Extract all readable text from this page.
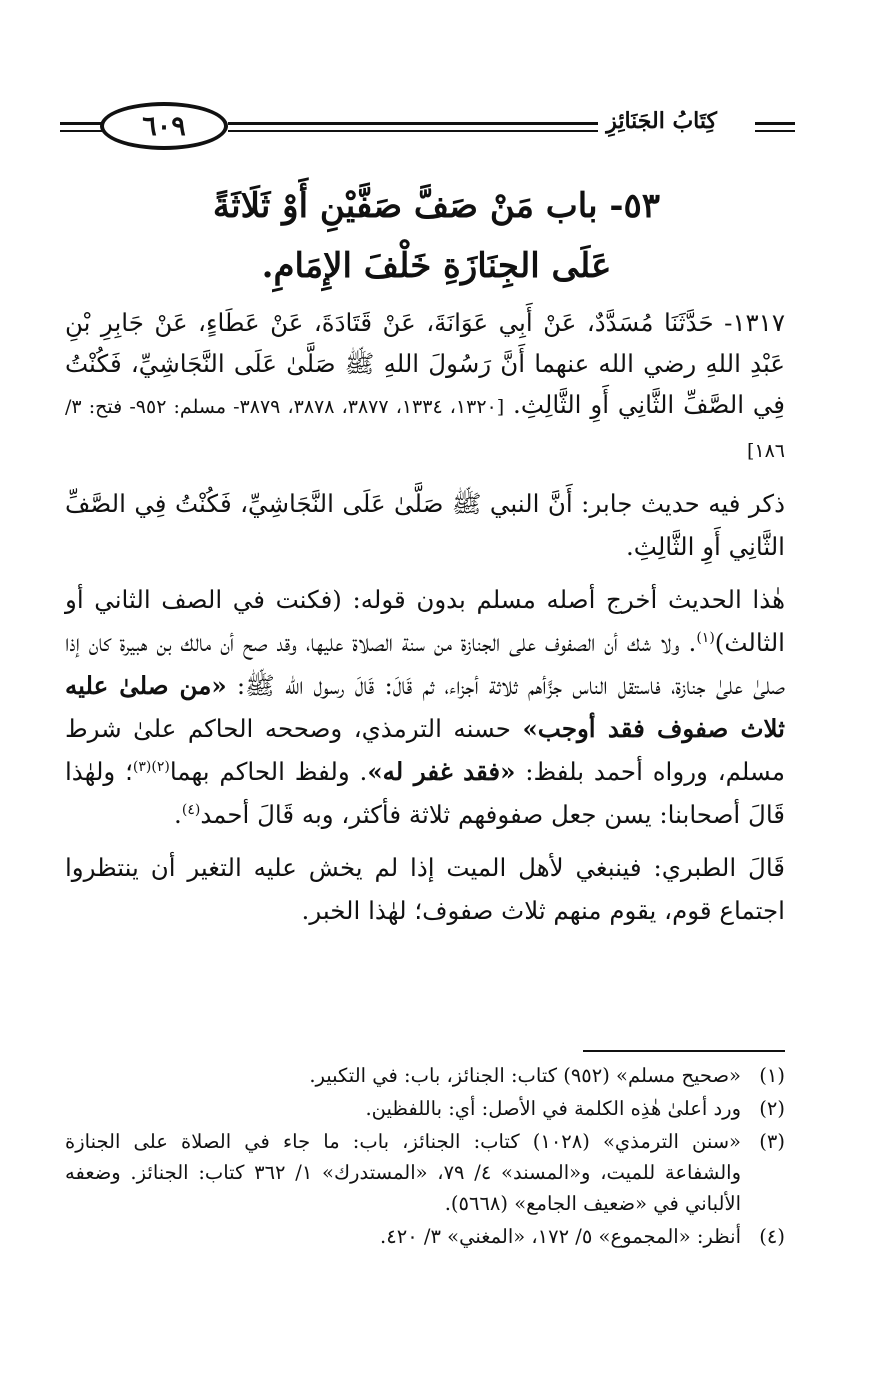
كِتَابُ الجَنَائِزِ
٦٠٩
٥٣- باب مَنْ صَفَّ صَفَّيْنِ أَوْ ثَلَاثَةً
عَلَى الجِنَازَةِ خَلْفَ الإِمَامِ.

١٣١٧- حَدَّثَنَا مُسَدَّدٌ، عَنْ أَبِي عَوَانَةَ، عَنْ قَتَادَةَ، عَنْ عَطَاءٍ، عَنْ جَابِرِ بْنِ عَبْدِ اللهِ رضي الله عنهما أَنَّ رَسُولَ اللهِ ﷺ صَلَّىٰ عَلَى النَّجَاشِيِّ، فَكُنْتُ فِي الصَّفِّ الثَّانِي أَوِ الثَّالِثِ. [١٣٢٠، ١٣٣٤، ٣٨٧٧، ٣٨٧٨، ٣٨٧٩- مسلم: ٩٥٢- فتح: ٣/ ١٨٦]

ذكر فيه حديث جابر: أَنَّ النبي ﷺ صَلَّىٰ عَلَى النَّجَاشِيِّ، فَكُنْتُ فِي الصَّفِّ الثَّانِي أَوِ الثَّالِثِ.

هٰذا الحديث أخرج أصله مسلم بدون قوله: (فكنت في الصف الثاني أو الثالث)$^{(١)}$. ولا شك أن الصفوف على الجنازة من سنة الصلاة عليها، وقد صح أن مالك بن هبيرة كان إذا صلىٰ علىٰ جنازة، فاستقل الناس جزَّأهم ثلاثة أجزاء، ثم قَالَ: قَالَ رسول الله ﷺ: «من صلىٰ عليه ثلاث صفوف فقد أوجب» حسنه الترمذي، وصححه الحاكم علىٰ شرط مسلم، ورواه أحمد بلفظ: «فقد غفر له». ولفظ الحاكم بهما$^{(٢)(٣)}$؛ ولهٰذا قَالَ أصحابنا: يسن جعل صفوفهم ثلاثة فأكثر، وبه قَالَ أحمد$^{(٤)}$.

قَالَ الطبري: فينبغي لأهل الميت إذا لم يخش عليه التغير أن ينتظروا اجتماع قوم، يقوم منهم ثلاث صفوف؛ لهٰذا الخبر.

(١)
«صحيح مسلم» (٩٥٢) كتاب: الجنائز، باب: في التكبير.
(٢)
ورد أعلىٰ هٰذِه الكلمة في الأصل: أي: باللفظين.
(٣)
«سنن الترمذي» (١٠٢٨) كتاب: الجنائز، باب: ما جاء في الصلاة على الجنازة والشفاعة للميت، و«المسند» ٤/ ٧٩، «المستدرك» ١/ ٣٦٢ كتاب: الجنائز. وضعفه الألباني في «ضعيف الجامع» (٥٦٦٨).
(٤)
أنظر: «المجموع» ٥/ ١٧٢، «المغني» ٣/ ٤٢٠.
